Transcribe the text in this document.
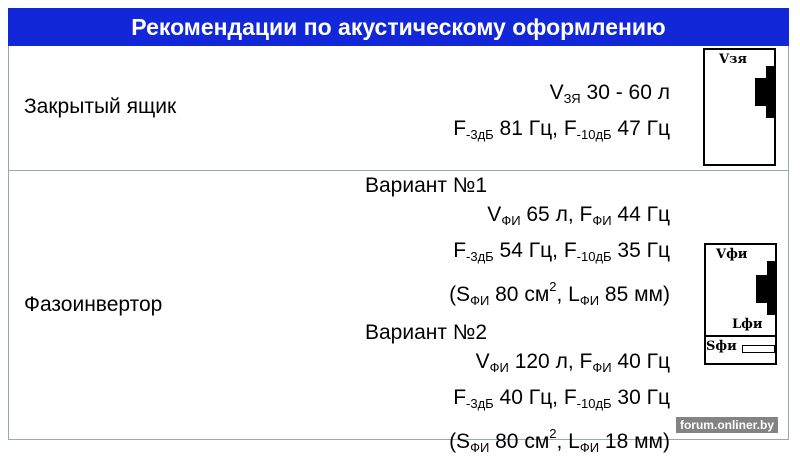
Рекомендации по акустическому оформлению
Закрытый ящик
$V_{ЗЯ}$ 30 - 60 л
$F_{-3дБ}$ 81 Гц, $F_{-10дБ}$ 47 Гц
Vзя
Фазоинвертор
Вариант №1
$V_{ФИ}$ 65 л, $F_{ФИ}$ 44 Гц
$F_{-3дБ}$ 54 Гц, $F_{-10дБ}$ 35 Гц
($S_{ФИ}$ 80 $см^2$, $L_{ФИ}$ 85 мм)
Вариант №2
$V_{ФИ}$ 120 л, $F_{ФИ}$ 40 Гц
$F_{-3дБ}$ 40 Гц, $F_{-10дБ}$ 30 Гц
($S_{ФИ}$ 80 $см^2$, $L_{ФИ}$ 18 мм)
Vфи
Lфи
Sфи
forum.onliner.by
